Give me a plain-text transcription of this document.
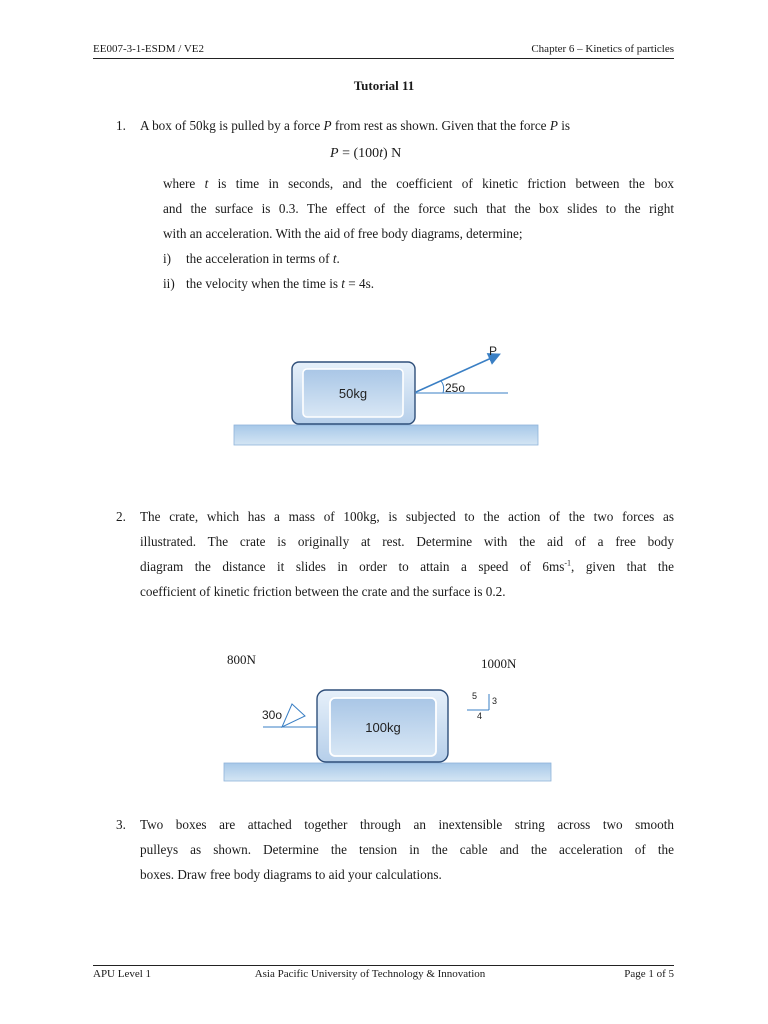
EE007-3-1-ESDM / VE2	Chapter 6 – Kinetics of particles
Tutorial 11
1. A box of 50kg is pulled by a force P from rest as shown. Given that the force P is
P = (100t) N
where t is time in seconds, and the coefficient of kinetic friction between the box
and the surface is 0.3. The effect of the force such that the box slides to the right
with an acceleration. With the aid of free body diagrams, determine;
i) the acceleration in terms of t.
ii) the velocity when the time is t = 4s.
50kg	25o
P
2. The crate, which has a mass of 100kg, is subjected to the action of the two forces as
illustrated. The crate is originally at rest. Determine with the aid of a free body
diagram the distance it slides in order to attain a speed of $6ms^{-1}$, given that the
coefficient of kinetic friction between the crate and the surface is 0.2.
800N	1000N
100kg
30o
5 3
4
3. Two boxes are attached together through an inextensible string across two smooth
pulleys as shown. Determine the tension in the cable and the acceleration of the
boxes. Draw free body diagrams to aid your calculations.
APU Level 1	Asia Pacific University of Technology & Innovation	Page 1 of 5
